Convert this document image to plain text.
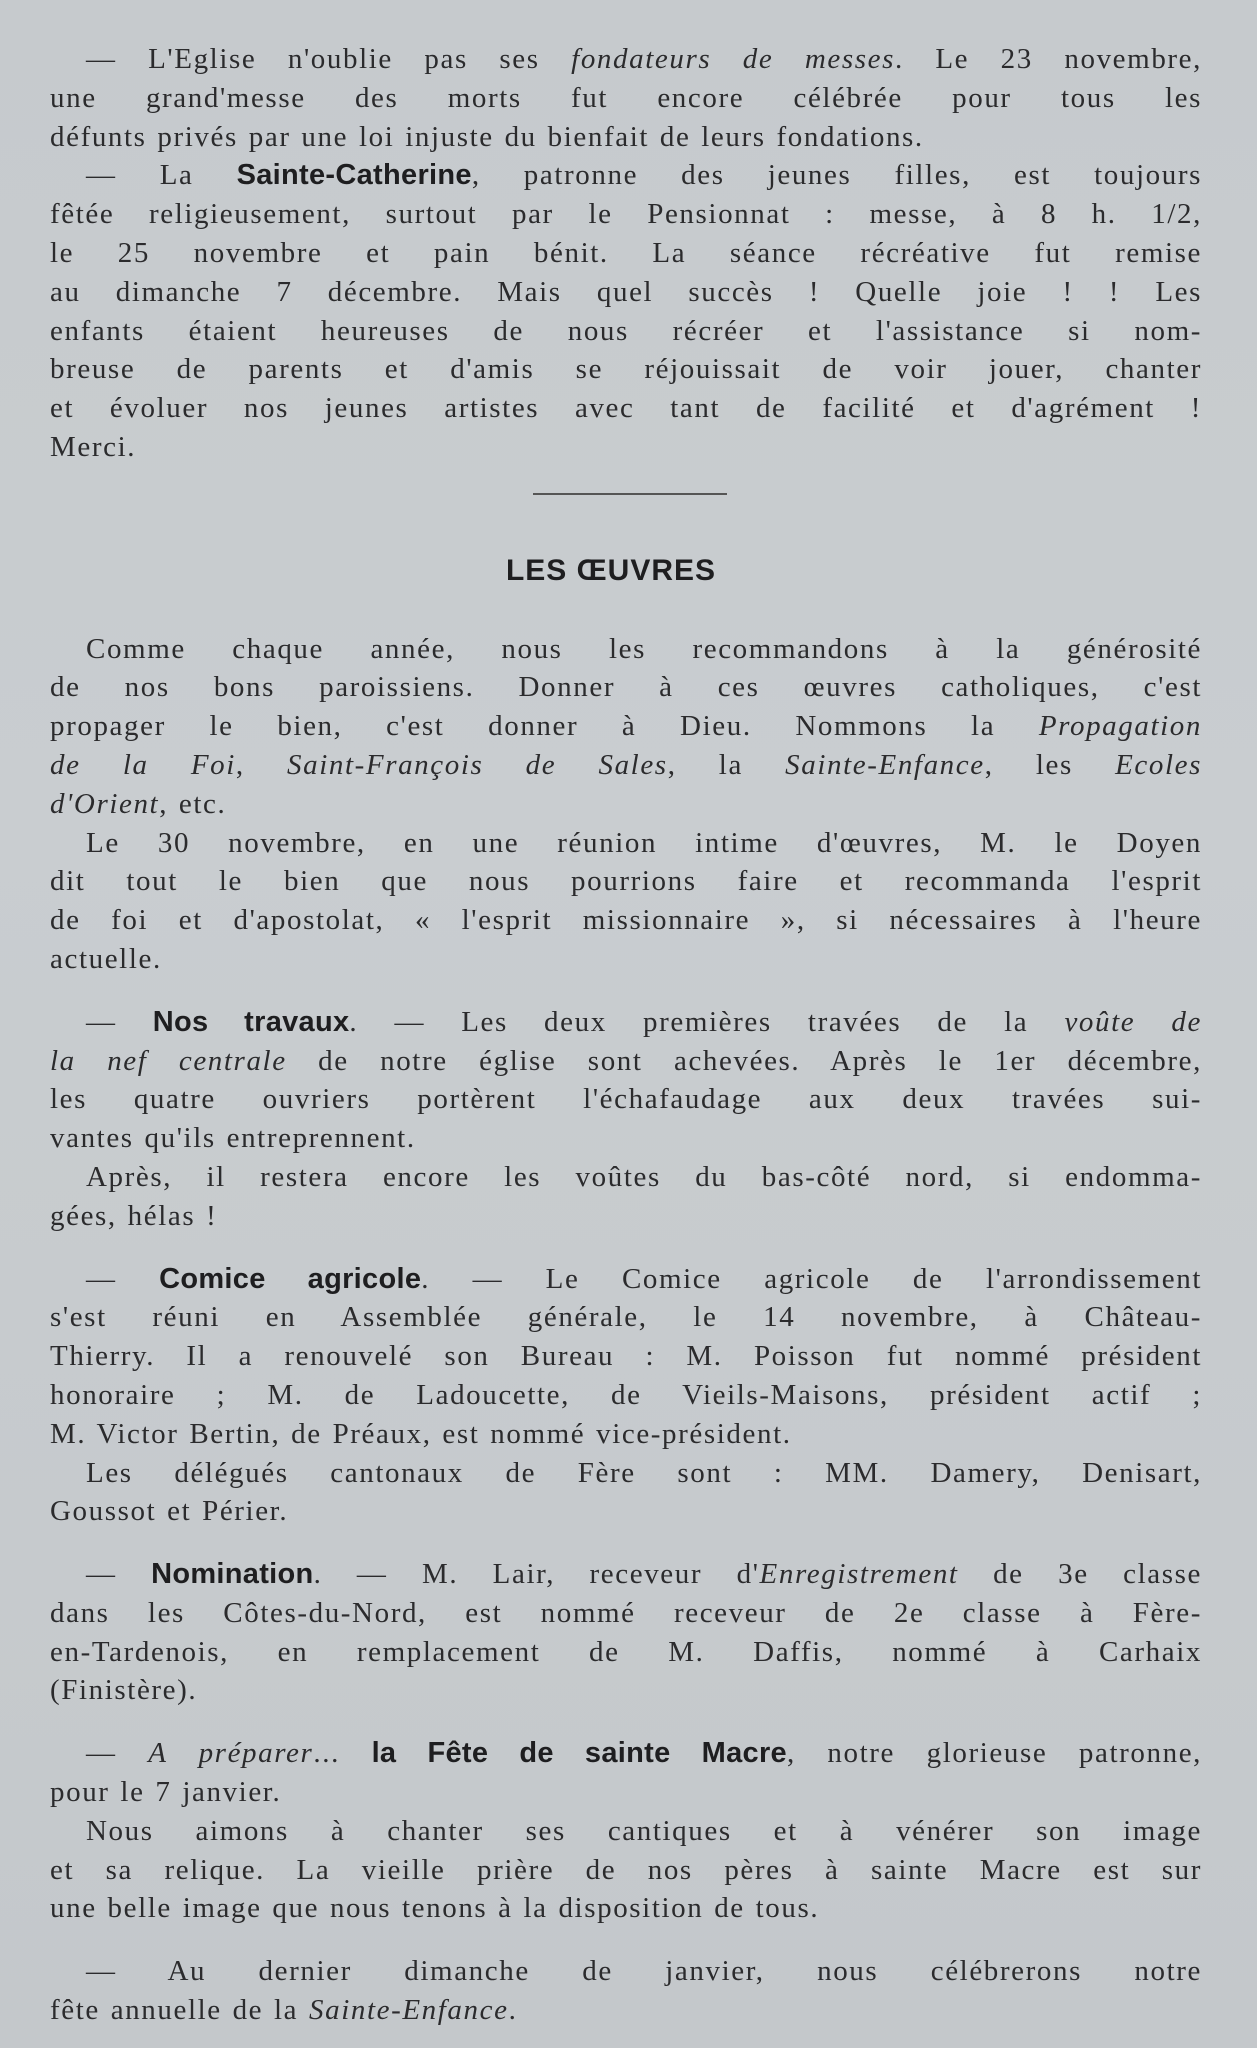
— L'Eglise n'oublie pas ses fondateurs de messes. Le 23 novembre,
une grand'messe des morts fut encore célébrée pour tous les
défunts privés par une loi injuste du bienfait de leurs fondations.
— La Sainte-Catherine, patronne des jeunes filles, est toujours
fêtée religieusement, surtout par le Pensionnat : messe, à 8 h. 1/2,
le 25 novembre et pain bénit. La séance récréative fut remise
au dimanche 7 décembre. Mais quel succès ! Quelle joie ! ! Les
enfants étaient heureuses de nous récréer et l'assistance si nom-
breuse de parents et d'amis se réjouissait de voir jouer, chanter
et évoluer nos jeunes artistes avec tant de facilité et d'agrément !
Merci.
LES ŒUVRES
Comme chaque année, nous les recommandons à la générosité
de nos bons paroissiens. Donner à ces œuvres catholiques, c'est
propager le bien, c'est donner à Dieu. Nommons la Propagation
de la Foi, Saint-François de Sales, la Sainte-Enfance, les Ecoles
d'Orient, etc.
Le 30 novembre, en une réunion intime d'œuvres, M. le Doyen
dit tout le bien que nous pourrions faire et recommanda l'esprit
de foi et d'apostolat, « l'esprit missionnaire », si nécessaires à l'heure
actuelle.
— Nos travaux. — Les deux premières travées de la voûte de
la nef centrale de notre église sont achevées. Après le 1er décembre,
les quatre ouvriers portèrent l'échafaudage aux deux travées sui-
vantes qu'ils entreprennent.
Après, il restera encore les voûtes du bas-côté nord, si endomma-
gées, hélas !
— Comice agricole. — Le Comice agricole de l'arrondissement
s'est réuni en Assemblée générale, le 14 novembre, à Château-
Thierry. Il a renouvelé son Bureau : M. Poisson fut nommé président
honoraire ; M. de Ladoucette, de Vieils-Maisons, président actif ;
M. Victor Bertin, de Préaux, est nommé vice-président.
Les délégués cantonaux de Fère sont : MM. Damery, Denisart,
Goussot et Périer.
— Nomination. — M. Lair, receveur d'Enregistrement de 3e classe
dans les Côtes-du-Nord, est nommé receveur de 2e classe à Fère-
en-Tardenois, en remplacement de M. Daffis, nommé à Carhaix
(Finistère).
— A préparer... la Fête de sainte Macre, notre glorieuse patronne,
pour le 7 janvier.
Nous aimons à chanter ses cantiques et à vénérer son image
et sa relique. La vieille prière de nos pères à sainte Macre est sur
une belle image que nous tenons à la disposition de tous.
— Au dernier dimanche de janvier, nous célébrerons notre
fête annuelle de la Sainte-Enfance.
